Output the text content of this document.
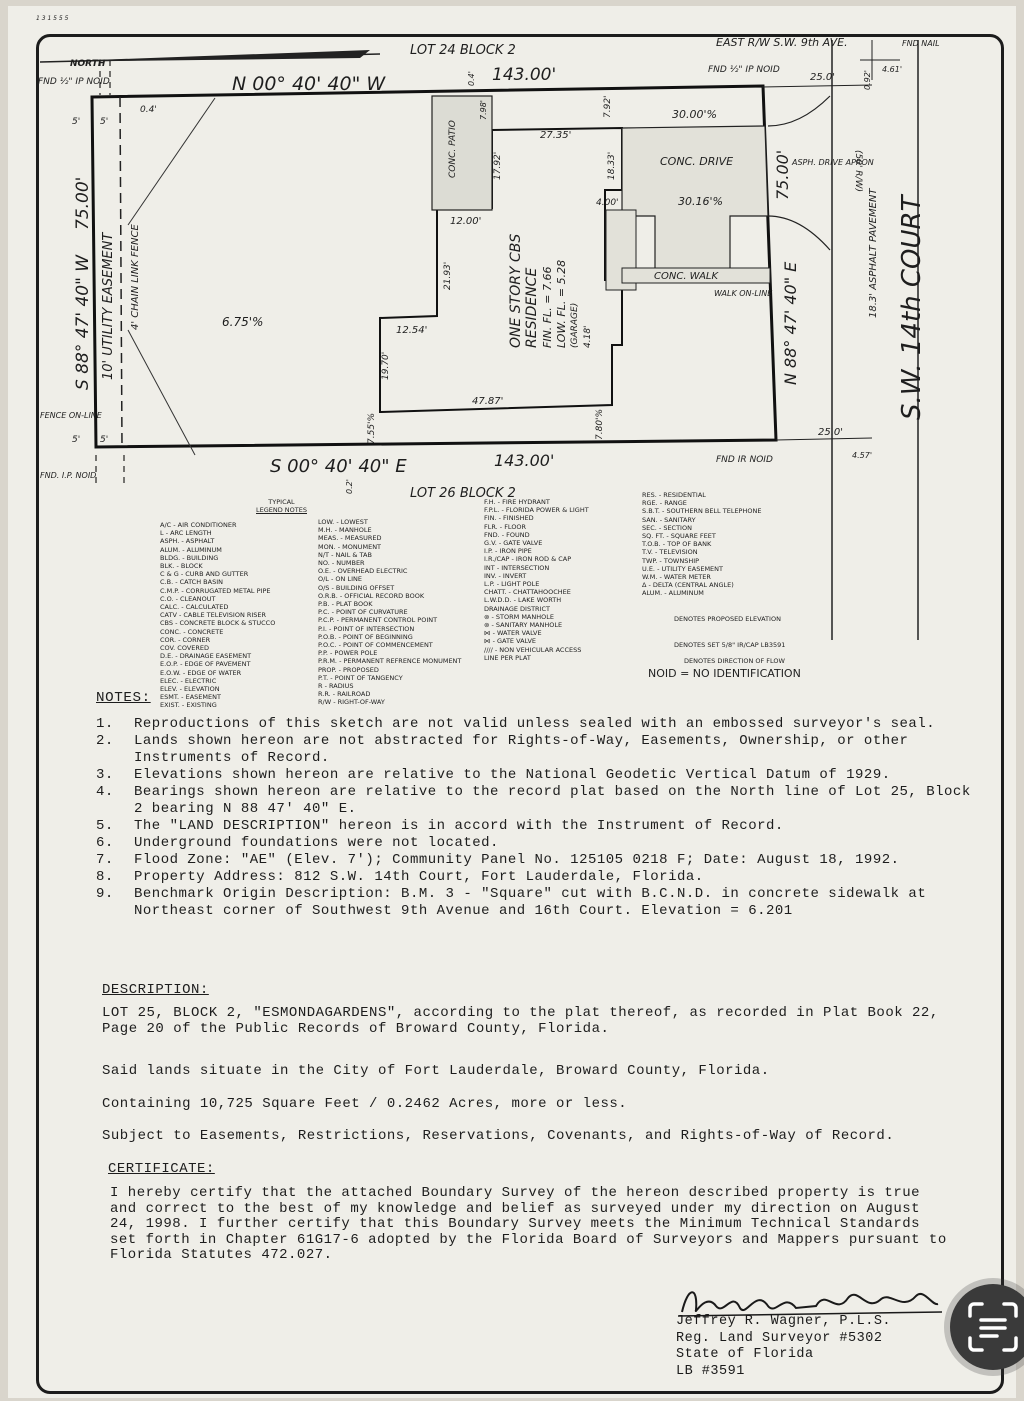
1 3 1 5 5 5
NORTH
LOT 24 BLOCK 2
LOT 26 BLOCK 2
EAST R/W S.W. 9th AVE.	FND NAIL
FND ½" IP NOID
FND ½" IP NOID
FND IR NOID
FND. I.P. NOID
N 00° 40' 40" W	143.00'
S 00° 40' 40" E	143.00'
S 88° 47' 40" W
75.00'
10' UTILITY EASEMENT 4' CHAIN LINK FENCE
FENCE ON-LINE
N 88° 47' 40" E
75.00'
6.75'%
CONC. PATIO	CONC. DRIVE
CONC. WALK
WALK ON-LINE
ASPH. DRIVE APRON
ONE STORY CBS RESIDENCE FIN. FL. = 7.66 LOW. FL. = 5.28 (GARAGE) 4.18'
0.4'
27.35'
7.92'	30.00'%
30.16'%
18.33'
17.92'
7.98'
4.00'
12.00'
21.93'
12.54'
19.70'
47.87'
7.55'%	7.80'%
25.0'
25.0'
4.61'
4.57'
5' 5'
5' 5'
0.4'
0.2'
0.92'
(50' R/W)
18.3' ASPHALT PAVEMENT S.W. 14th COURT
TYPICAL
LEGEND NOTES
A/C - AIR CONDITIONER
L - ARC LENGTH
ASPH. - ASPHALT
ALUM. - ALUMINUM
BLDG. - BUILDING
BLK. - BLOCK
C & G - CURB AND GUTTER
C.B. - CATCH BASIN
C.M.P. - CORRUGATED METAL PIPE
C.O. - CLEANOUT
CALC. - CALCULATED
CATV - CABLE TELEVISION RISER
CBS - CONCRETE BLOCK & STUCCO
CONC. - CONCRETE
COR. - CORNER
COV. COVERED
D.E. - DRAINAGE EASEMENT
E.O.P. - EDGE OF PAVEMENT
E.O.W. - EDGE OF WATER
ELEC. - ELECTRIC
ELEV. - ELEVATION
ESMT. - EASEMENT
EXIST. - EXISTING
LOW. - LOWEST
M.H. - MANHOLE
MEAS. - MEASURED
MON. - MONUMENT
N/T - NAIL & TAB
NO. - NUMBER
O.E. - OVERHEAD ELECTRIC
O/L - ON LINE
O/S - BUILDING OFFSET
O.R.B. - OFFICIAL RECORD BOOK
P.B. - PLAT BOOK
P.C. - POINT OF CURVATURE
P.C.P. - PERMANENT CONTROL POINT
P.I. - POINT OF INTERSECTION
P.O.B. - POINT OF BEGINNING
P.O.C. - POINT OF COMMENCEMENT
P.P. - POWER POLE
P.R.M. - PERMANENT REFRENCE MONUMENT
PROP. - PROPOSED
P.T. - POINT OF TANGENCY
R - RADIUS
R.R. - RAILROAD
R/W - RIGHT-OF-WAY
F.H. - FIRE HYDRANT
F.P.L. - FLORIDA POWER & LIGHT
FIN. - FINISHED
FLR. - FLOOR
FND. - FOUND
G.V. - GATE VALVE
I.P. - IRON PIPE
I.R./CAP - IRON ROD & CAP
INT - INTERSECTION
INV. - INVERT
L.P. - LIGHT POLE
CHATT. - CHATTAHOOCHEE
L.W.D.D. - LAKE WORTH
DRAINAGE DISTRICT
⊚ - STORM MANHOLE
⊚ - SANITARY MANHOLE
⋈ - WATER VALVE
⋈ - GATE VALVE
//// - NON VEHICULAR ACCESS
LINE PER PLAT
RES. - RESIDENTIAL
RGE. - RANGE
S.B.T. - SOUTHERN BELL TELEPHONE
SAN. - SANITARY
SEC. - SECTION
SQ. FT. - SQUARE FEET
T.O.B. - TOP OF BANK
T.V. - TELEVISION
TWP. - TOWNSHIP
U.E. - UTILITY EASEMENT
W.M. - WATER METER
Δ - DELTA (CENTRAL ANGLE)
ALUM. - ALUMINUM
DENOTES PROPOSED ELEVATION
DENOTES SET 5/8" IR/CAP LB3591
DENOTES DIRECTION OF FLOW
NOID = NO IDENTIFICATION
NOTES:
1.	Reproductions of this sketch are not valid unless sealed with an embossed surveyor's seal.
2.	Lands shown hereon are not abstracted for Rights-of-Way, Easements, Ownership, or other Instruments of Record.
3.	Elevations shown hereon are relative to the National Geodetic Vertical Datum of 1929.
4.	Bearings shown hereon are relative to the record plat based on the North line of Lot 25, Block 2 bearing N 88 47' 40" E.
5.	The "LAND DESCRIPTION" hereon is in accord with the Instrument of Record.
6.	Underground foundations were not located.
7.	Flood Zone: "AE" (Elev. 7'); Community Panel No. 125105 0218 F; Date: August 18, 1992.
8.	Property Address: 812 S.W. 14th Court, Fort Lauderdale, Florida.
9.	Benchmark Origin Description: B.M. 3 - "Square" cut with B.C.N.D. in concrete sidewalk at Northeast corner of Southwest 9th Avenue and 16th Court. Elevation = 6.201
DESCRIPTION:
LOT 25, BLOCK 2, "ESMONDAGARDENS", according to the plat thereof, as recorded in Plat Book 22, Page 20 of the Public Records of Broward County, Florida.
Said lands situate in the City of Fort Lauderdale, Broward County, Florida.
Containing 10,725 Square Feet / 0.2462 Acres, more or less.
Subject to Easements, Restrictions, Reservations, Covenants, and Rights-of-Way of Record.
CERTIFICATE:
I hereby certify that the attached Boundary Survey of the hereon described property is true and correct to the best of my knowledge and belief as surveyed under my direction on August 24, 1998. I further certify that this Boundary Survey meets the Minimum Technical Standards set forth in Chapter 61G17-6 adopted by the Florida Board of Surveyors and Mappers pursuant to Florida Statutes 472.027.
Jeffrey R. Wagner, P.L.S.
Reg. Land Surveyor #5302
State of Florida
LB #3591
